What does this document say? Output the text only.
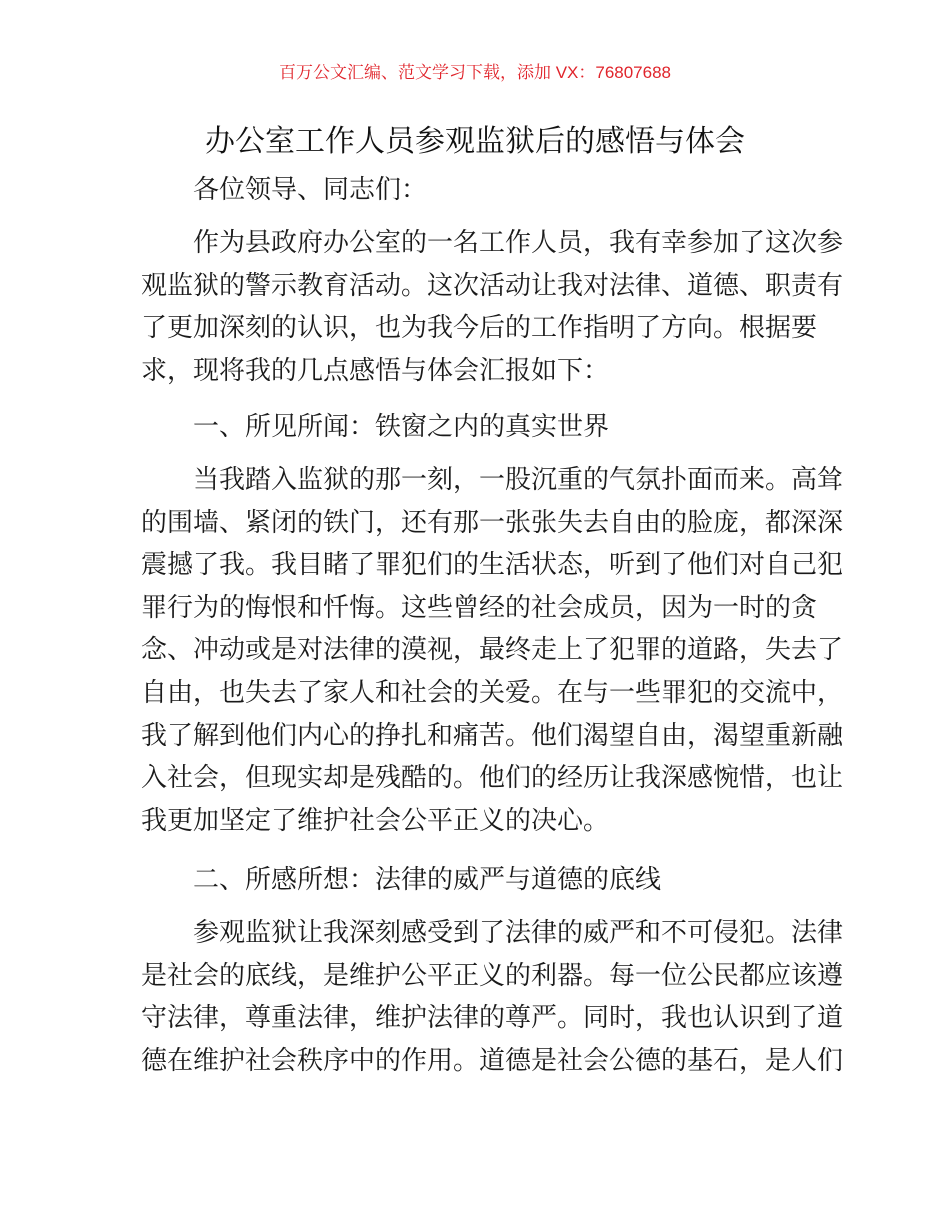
百万公文汇编、范文学习下载，添加 VX：76807688
办公室工作人员参观监狱后的感悟与体会
各位领导、同志们：
作为县政府办公室的一名工作人员，我有幸参加了这次参
观监狱的警示教育活动。这次活动让我对法律、道德、职责有
了更加深刻的认识，也为我今后的工作指明了方向。根据要
求，现将我的几点感悟与体会汇报如下：
一、所见所闻：铁窗之内的真实世界
当我踏入监狱的那一刻，一股沉重的气氛扑面而来。高耸
的围墙、紧闭的铁门，还有那一张张失去自由的脸庞，都深深
震撼了我。我目睹了罪犯们的生活状态，听到了他们对自己犯
罪行为的悔恨和忏悔。这些曾经的社会成员，因为一时的贪
念、冲动或是对法律的漠视，最终走上了犯罪的道路，失去了
自由，也失去了家人和社会的关爱。在与一些罪犯的交流中，
我了解到他们内心的挣扎和痛苦。他们渴望自由，渴望重新融
入社会，但现实却是残酷的。他们的经历让我深感惋惜，也让
我更加坚定了维护社会公平正义的决心。
二、所感所想：法律的威严与道德的底线
参观监狱让我深刻感受到了法律的威严和不可侵犯。法律
是社会的底线，是维护公平正义的利器。每一位公民都应该遵
守法律，尊重法律，维护法律的尊严。同时，我也认识到了道
德在维护社会秩序中的作用。道德是社会公德的基石，是人们
